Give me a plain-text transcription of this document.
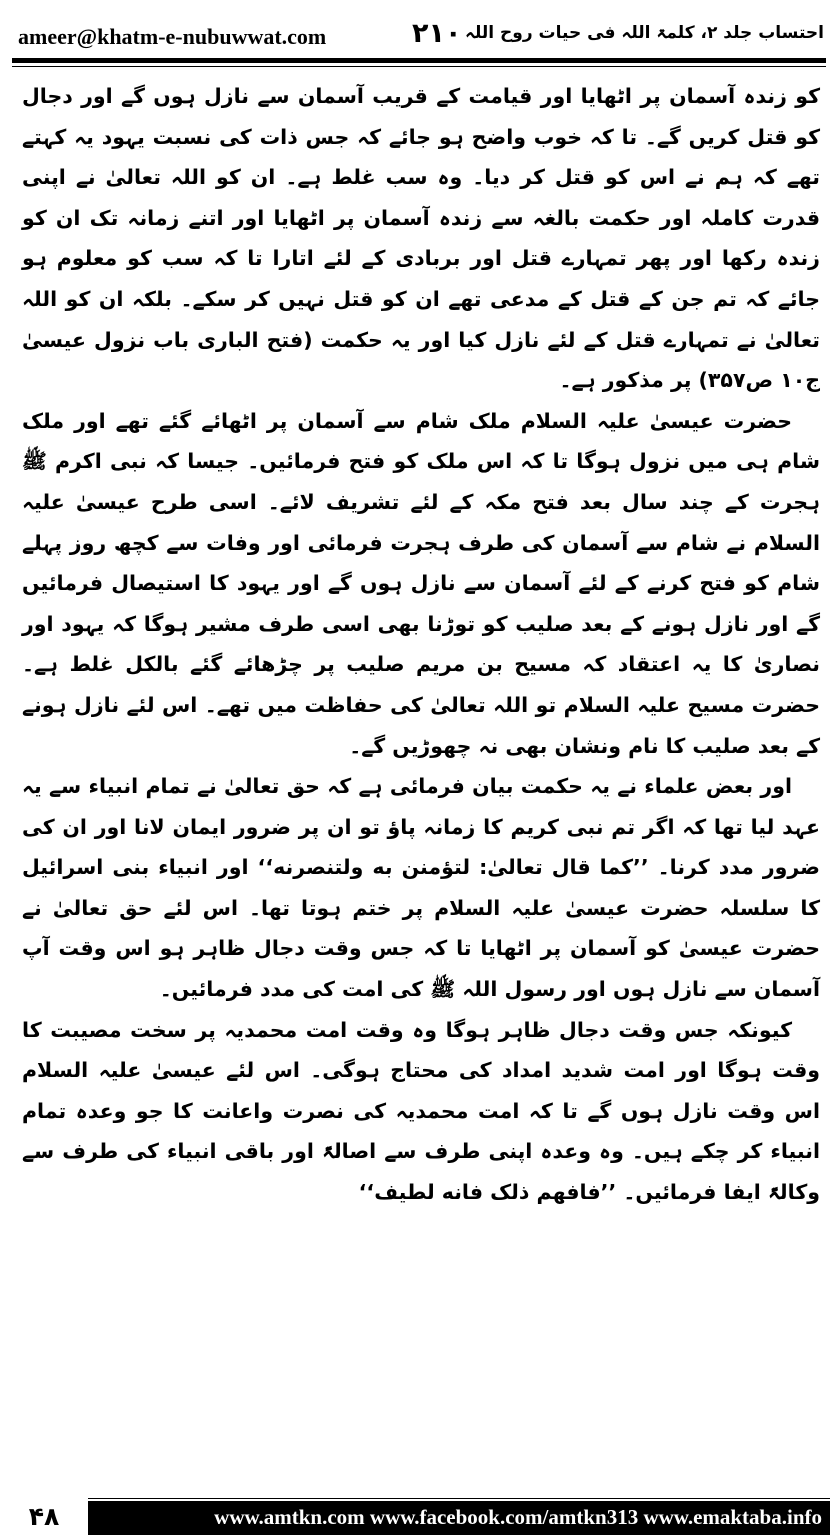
ameer@khatm-e-nubuwwat.com	۲۱۰ احتساب جلد ۲، کلمۃ اللہ فی حیات روح اللہ

کو زندہ آسمان پر اٹھایا اور قیامت کے قریب آسمان سے نازل ہوں گے اور دجال کو قتل کریں گے۔ تا کہ خوب واضح ہو جائے کہ جس ذات کی نسبت یہود یہ کہتے تھے کہ ہم نے اس کو قتل کر دیا۔ وہ سب غلط ہے۔ ان کو اللہ تعالیٰ نے اپنی قدرت کاملہ اور حکمت بالغہ سے زندہ آسمان پر اٹھایا اور اتنے زمانہ تک ان کو زندہ رکھا اور پھر تمہارے قتل اور بربادی کے لئے اتارا تا کہ سب کو معلوم ہو جائے کہ تم جن کے قتل کے مدعی تھے ان کو قتل نہیں کر سکے۔ بلکہ ان کو اللہ تعالیٰ نے تمہارے قتل کے لئے نازل کیا اور یہ حکمت (فتح الباری باب نزول عیسیٰ ج۱۰ ص۳۵۷) پر مذکور ہے۔

حضرت عیسیٰ علیہ السلام ملک شام سے آسمان پر اٹھائے گئے تھے اور ملک شام ہی میں نزول ہوگا تا کہ اس ملک کو فتح فرمائیں۔ جیسا کہ نبی اکرم ﷺ ہجرت کے چند سال بعد فتح مکہ کے لئے تشریف لائے۔ اسی طرح عیسیٰ علیہ السلام نے شام سے آسمان کی طرف ہجرت فرمائی اور وفات سے کچھ روز پہلے شام کو فتح کرنے کے لئے آسمان سے نازل ہوں گے اور یہود کا استیصال فرمائیں گے اور نازل ہونے کے بعد صلیب کو توڑنا بھی اسی طرف مشیر ہوگا کہ یہود اور نصاریٰ کا یہ اعتقاد کہ مسیح بن مریم صلیب پر چڑھائے گئے بالکل غلط ہے۔ حضرت مسیح علیہ السلام تو اللہ تعالیٰ کی حفاظت میں تھے۔ اس لئے نازل ہونے کے بعد صلیب کا نام ونشان بھی نہ چھوڑیں گے۔

اور بعض علماء نے یہ حکمت بیان فرمائی ہے کہ حق تعالیٰ نے تمام انبیاء سے یہ عہد لیا تھا کہ اگر تم نبی کریم کا زمانہ پاؤ تو ان پر ضرور ایمان لانا اور ان کی ضرور مدد کرنا۔ ’’کما قال تعالیٰ: لتؤمنن به ولتنصرنه‘‘ اور انبیاء بنی اسرائیل کا سلسلہ حضرت عیسیٰ علیہ السلام پر ختم ہوتا تھا۔ اس لئے حق تعالیٰ نے حضرت عیسیٰ کو آسمان پر اٹھایا تا کہ جس وقت دجال ظاہر ہو اس وقت آپ آسمان سے نازل ہوں اور رسول اللہ ﷺ کی امت کی مدد فرمائیں۔

کیونکہ جس وقت دجال ظاہر ہوگا وہ وقت امت محمدیہ پر سخت مصیبت کا وقت ہوگا اور امت شدید امداد کی محتاج ہوگی۔ اس لئے عیسیٰ علیہ السلام اس وقت نازل ہوں گے تا کہ امت محمدیہ کی نصرت واعانت کا جو وعدہ تمام انبیاء کر چکے ہیں۔ وہ وعدہ اپنی طرف سے اصالۃً اور باقی انبیاء کی طرف سے وکالۃً ایفا فرمائیں۔ ’’فافهم ذلک فانه لطیف‘‘

۴۸	www.amtkn.com www.facebook.com/amtkn313 www.emaktaba.info
